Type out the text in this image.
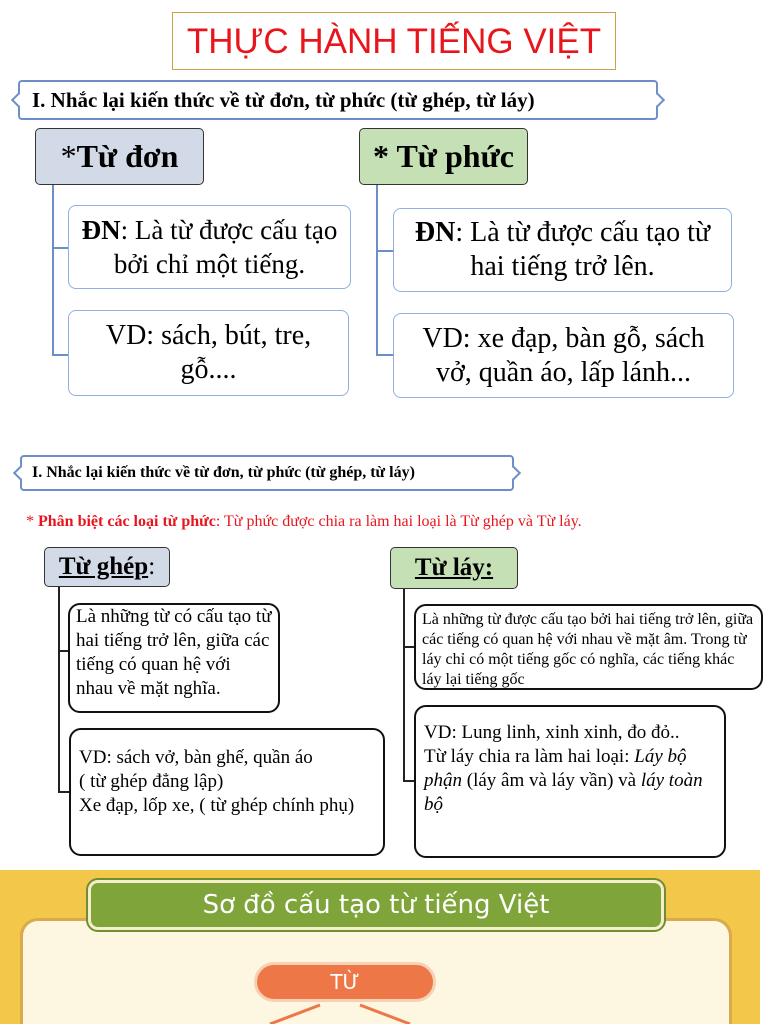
THỰC HÀNH TIẾNG VIỆT
I. Nhắc lại kiến thức về từ đơn, từ phức (từ ghép, từ láy)
*Từ đơn
ĐN: Là từ được cấu tạo bởi chỉ một tiếng.
VD: sách, bút, tre, gỗ....
* Từ phức
ĐN: Là từ được cấu tạo từ hai tiếng trở lên.
VD: xe đạp, bàn gỗ, sách vở, quần áo, lấp lánh...
I. Nhắc lại kiến thức về từ đơn, từ phức (từ ghép, từ láy)
* Phân biệt các loại từ phức: Từ phức được chia ra làm hai loại là Từ ghép và Từ láy.
Từ ghép:
Là những từ có cấu tạo từ hai tiếng trở lên, giữa các tiếng có quan hệ với nhau về mặt nghĩa.
VD: sách vở, bàn ghế, quần áo
( từ ghép đẳng lập)
Xe đạp, lốp xe, ( từ ghép chính phụ)
Từ láy:
Là những từ được cấu tạo bởi hai tiếng trở lên, giữa các tiếng có quan hệ với nhau về mặt âm. Trong từ láy chỉ có một tiếng gốc có nghĩa, các tiếng khác láy lại tiếng gốc
VD: Lung linh, xinh xinh, đo đỏ..
Từ láy chia ra làm hai loại: Láy bộ phận (láy âm và láy vần) và láy toàn bộ
Sơ đồ cấu tạo từ tiếng Việt
TỪ
